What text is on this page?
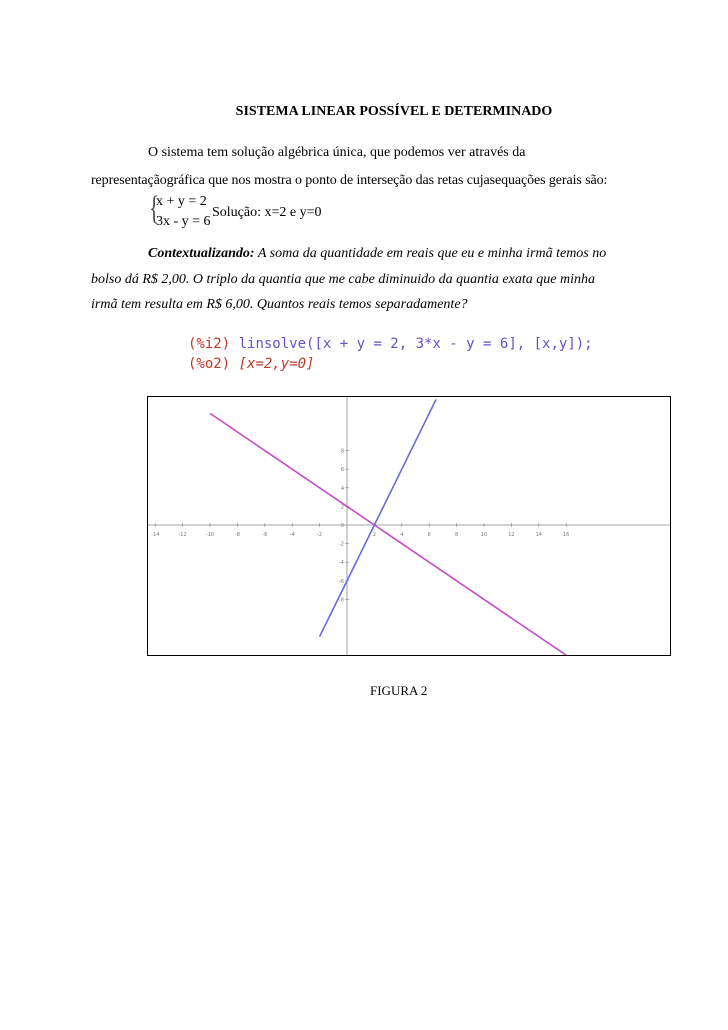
SISTEMA LINEAR POSSÍVEL E DETERMINADO
O sistema tem solução algébrica única, que podemos ver através da
representaçãográfica que nos mostra o ponto de interseção das retas cujasequações gerais são:
{
x + y = 2
3x - y = 6
Solução: x=2 e y=0
Contextualizando: A soma da quantidade em reais que eu e minha irmã temos no
bolso dá R$ 2,00. O triplo da quantia que me cabe diminuido da quantia exata que minha
irmã tem resulta em R$ 6,00. Quantos reais temos separadamente?
(%i2) linsolve([x + y = 2, 3*x - y = 6], [x,y]);
(%o2) [x=2,y=0]
-14	-12	-10	-8	-6	-4	-2	2	4	6	8	10	12	14	16
8
6
4
2
0
-2
-4
-6
-8
FIGURA 2
